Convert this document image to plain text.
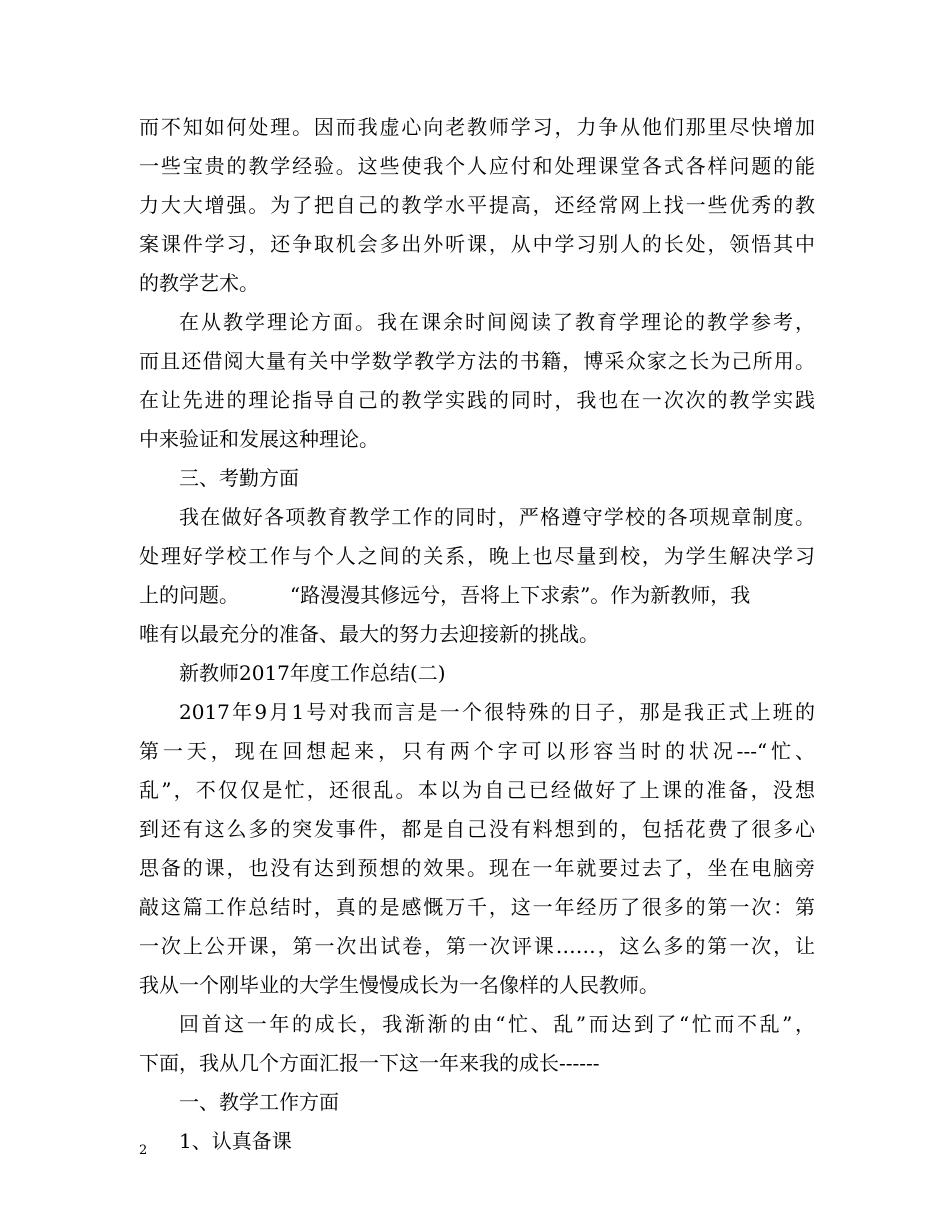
而不知如何处理。因而我虚心向老教师学习，力争从他们那里尽快增加
一些宝贵的教学经验。这些使我个人应付和处理课堂各式各样问题的能
力大大增强。为了把自己的教学水平提高，还经常网上找一些优秀的教
案课件学习，还争取机会多出外听课，从中学习别人的长处，领悟其中
的教学艺术。
在从教学理论方面。我在课余时间阅读了教育学理论的教学参考，
而且还借阅大量有关中学数学教学方法的书籍，博采众家之长为己所用。
在让先进的理论指导自己的教学实践的同时，我也在一次次的教学实践
中来验证和发展这种理论。
三、考勤方面
我在做好各项教育教学工作的同时，严格遵守学校的各项规章制度。
处理好学校工作与个人之间的关系，晚上也尽量到校，为学生解决学习
上的问题。        “路漫漫其修远兮，吾将上下求索”。作为新教师，我
唯有以最充分的准备、最大的努力去迎接新的挑战。
新教师2017年度工作总结(二)
2017年9月1号对我而言是一个很特殊的日子，那是我正式上班的
第一天，现在回想起来，只有两个字可以形容当时的状况---“忙、
乱”，不仅仅是忙，还很乱。本以为自己已经做好了上课的准备，没想
到还有这么多的突发事件，都是自己没有料想到的，包括花费了很多心
思备的课，也没有达到预想的效果。现在一年就要过去了，坐在电脑旁
敲这篇工作总结时，真的是感慨万千，这一年经历了很多的第一次：第
一次上公开课，第一次出试卷，第一次评课……，这么多的第一次，让
我从一个刚毕业的大学生慢慢成长为一名像样的人民教师。
回首这一年的成长，我渐渐的由“忙、乱”而达到了“忙而不乱”，
下面，我从几个方面汇报一下这一年来我的成长------
一、教学工作方面
1、认真备课
2
